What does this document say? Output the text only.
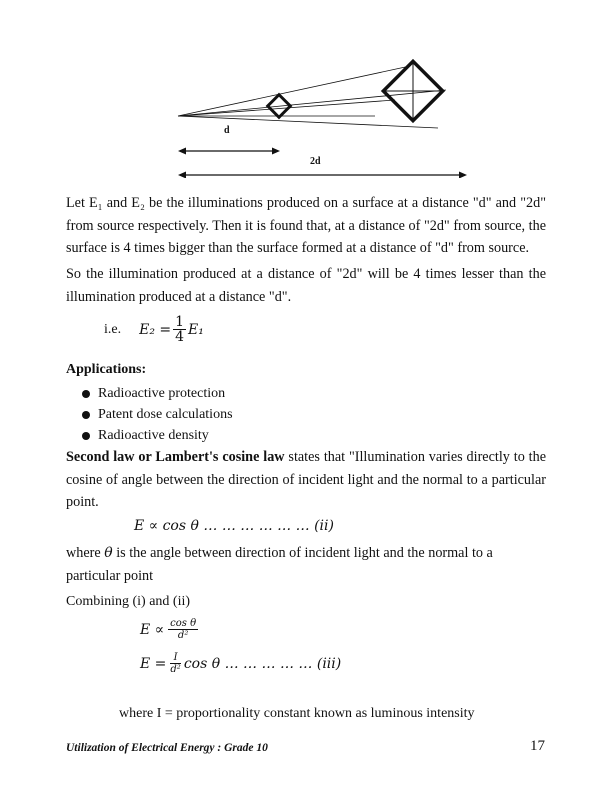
d
2d
Let E₁ and E₂ be the illuminations produced on a surface at a distance "d" and "2d" from source respectively. Then it is found that, at a distance of "2d" from source, the surface is 4 times bigger than the surface formed at a distance of "d" from source.
So the illumination produced at a distance of "2d" will be 4 times lesser than the illumination produced at a distance "d".
i.e. $E_2 = \frac{1}{4} E_1$
Applications:
Radioactive protection
Patent dose calculations
Radioactive density
Second law or Lambert's cosine law states that "Illumination varies directly to the cosine of angle between the direction of incident light and the normal to a particular point.
E ∝ cos θ … … … … … … (ii)
where θ is the angle between direction of incident light and the normal to a particular point
Combining (i) and (ii)
$E \propto \frac{\text{cos θ}}{\text{d²}}$
$E = \frac{I}{\text{d²}}$ cos θ … … … … … (iii)
where I = proportionality constant known as luminous intensity
Utilization of Electrical Energy : Grade 10	17
